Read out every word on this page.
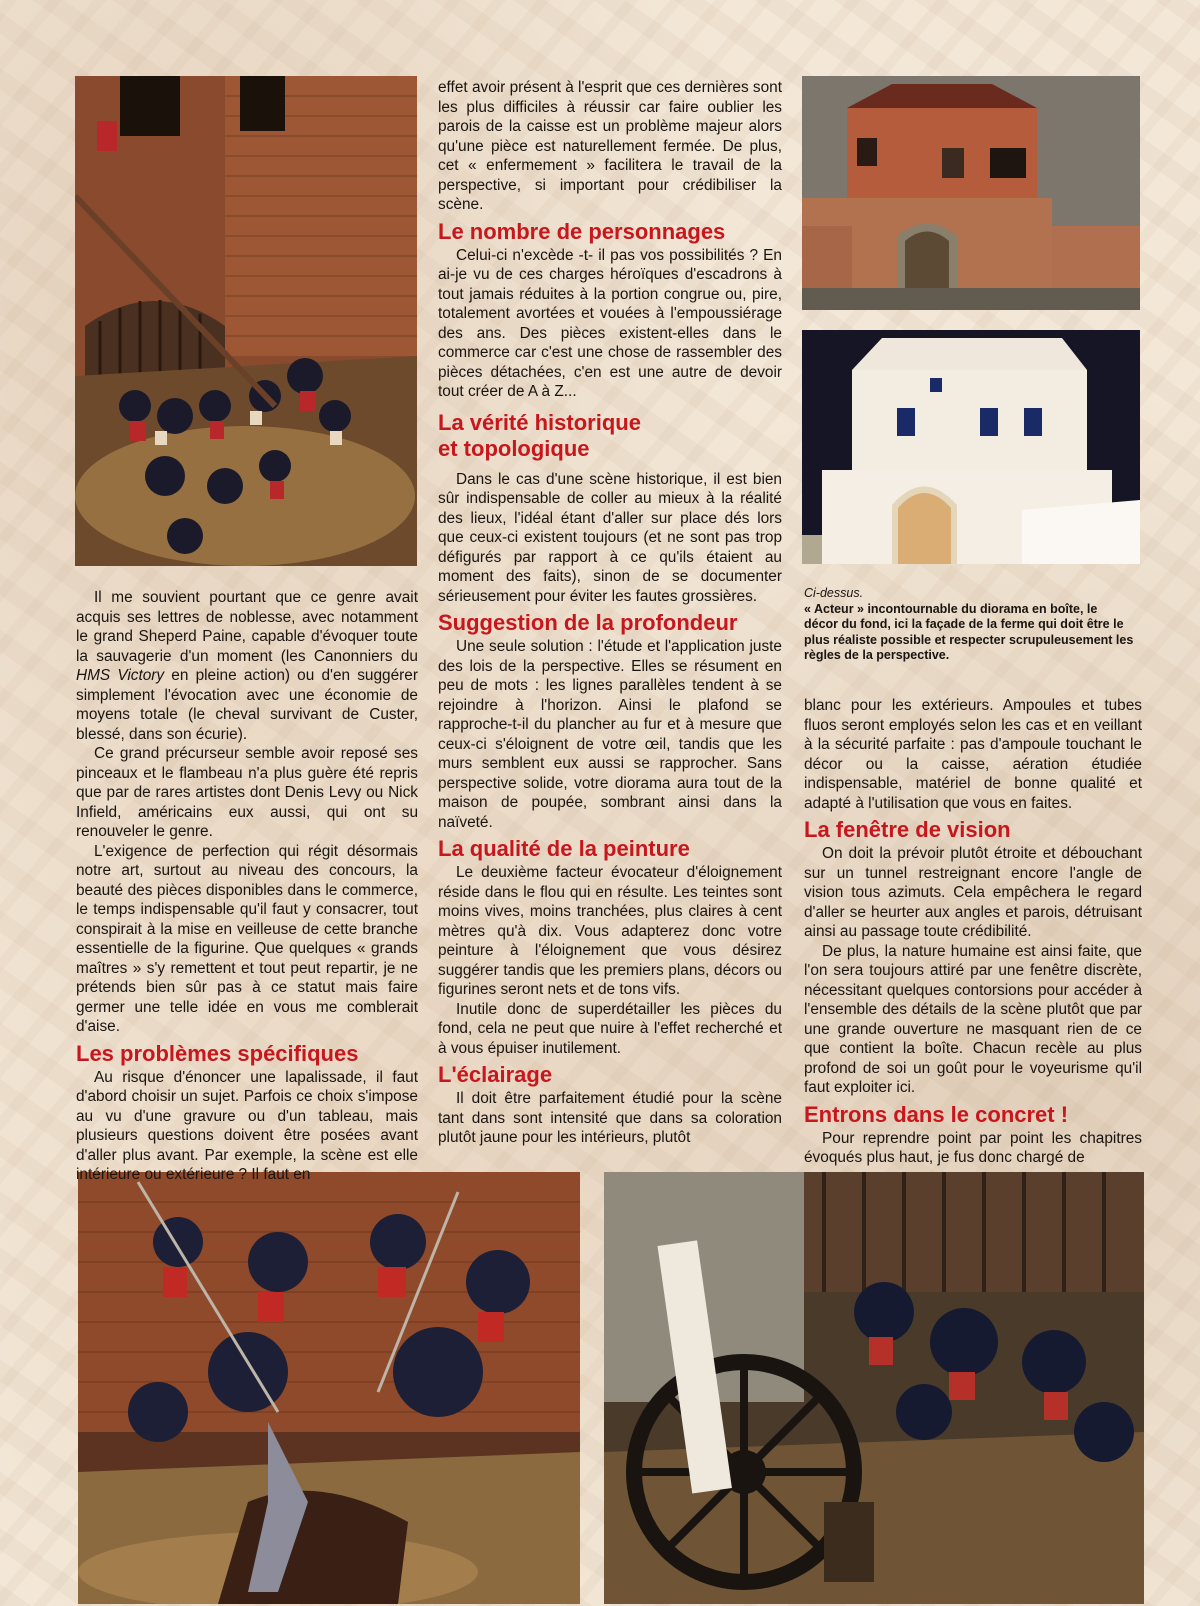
Il me souvient pourtant que ce genre avait acquis ses lettres de noblesse, avec notamment le grand Sheperd Paine, capable d'évoquer toute la sauvagerie d'un moment (les Canonniers du HMS Victory en pleine action) ou d'en suggérer simplement l'évocation avec une économie de moyens totale (le cheval survivant de Custer, blessé, dans son écurie).

Ce grand précurseur semble avoir reposé ses pinceaux et le flambeau n'a plus guère été repris que par de rares artistes dont Denis Levy ou Nick Infield, américains eux aussi, qui ont su renouveler le genre.

L'exigence de perfection qui régit désormais notre art, surtout au niveau des concours, la beauté des pièces disponibles dans le commerce, le temps indispensable qu'il faut y consacrer, tout conspirait à la mise en veilleuse de cette branche essentielle de la figurine. Que quelques « grands maîtres » s'y remettent et tout peut repartir, je ne prétends bien sûr pas à ce statut mais faire germer une telle idée en vous me comblerait d'aise.

Les problèmes spécifiques

Au risque d'énoncer une lapalissade, il faut d'abord choisir un sujet. Parfois ce choix s'impose au vu d'une gravure ou d'un tableau, mais plusieurs questions doivent être posées avant d'aller plus avant. Par exemple, la scène est elle intérieure ou extérieure ? Il faut en

effet avoir présent à l'esprit que ces dernières sont les plus difficiles à réussir car faire oublier les parois de la caisse est un problème majeur alors qu'une pièce est naturellement fermée. De plus, cet « enfermement » facilitera le travail de la perspective, si important pour crédibiliser la scène.

Le nombre de personnages

Celui-ci n'excède -t- il pas vos possibilités ? En ai-je vu de ces charges héroïques d'escadrons à tout jamais réduites à la portion congrue ou, pire, totalement avortées et vouées à l'empoussiérage des ans. Des pièces existent-elles dans le commerce car c'est une chose de rassembler des pièces détachées, c'en est une autre de devoir tout créer de A à Z...

La vérité historique
et topologique

Dans le cas d'une scène historique, il est bien sûr indispensable de coller au mieux à la réalité des lieux, l'idéal étant d'aller sur place dés lors que ceux-ci existent toujours (et ne sont pas trop défigurés par rapport à ce qu'ils étaient au moment des faits), sinon de se documenter sérieusement pour éviter les fautes grossières.

Suggestion de la profondeur

Une seule solution : l'étude et l'application juste des lois de la perspective. Elles se résument en peu de mots : les lignes parallèles tendent à se rejoindre à l'horizon. Ainsi le plafond se rapproche-t-il du plancher au fur et à mesure que ceux-ci s'éloignent de votre œil, tandis que les murs semblent eux aussi se rapprocher. Sans perspective solide, votre diorama aura tout de la maison de poupée, sombrant ainsi dans la naïveté.

La qualité de la peinture

Le deuxième facteur évocateur d'éloignement réside dans le flou qui en résulte. Les teintes sont moins vives, moins tranchées, plus claires à cent mètres qu'à dix. Vous adapterez donc votre peinture à l'éloignement que vous désirez suggérer tandis que les premiers plans, décors ou figurines seront nets et de tons vifs.

Inutile donc de superdétailler les pièces du fond, cela ne peut que nuire à l'effet recherché et à vous épuiser inutilement.

L'éclairage

Il doit être parfaitement étudié pour la scène tant dans sont intensité que dans sa coloration plutôt jaune pour les intérieurs, plutôt

Ci-dessus.
« Acteur » incontournable du diorama en boîte, le décor du fond, ici la façade de la ferme qui doit être le plus réaliste possible et respecter scrupuleusement les règles de la perspective.

blanc pour les extérieurs. Ampoules et tubes fluos seront employés selon les cas et en veillant à la sécurité parfaite : pas d'ampoule touchant le décor ou la caisse, aération étudiée indispensable, matériel de bonne qualité et adapté à l'utilisation que vous en faites.

La fenêtre de vision

On doit la prévoir plutôt étroite et débouchant sur un tunnel restreignant encore l'angle de vision tous azimuts. Cela empêchera le regard d'aller se heurter aux angles et parois, détruisant ainsi au passage toute crédibilité.

De plus, la nature humaine est ainsi faite, que l'on sera toujours attiré par une fenêtre discrète, nécessitant quelques contorsions pour accéder à l'ensemble des détails de la scène plutôt que par une grande ouverture ne masquant rien de ce que contient la boîte. Chacun recèle au plus profond de soi un goût pour le voyeurisme qu'il faut exploiter ici.

Entrons dans le concret !

Pour reprendre point par point les chapitres évoqués plus haut, je fus donc chargé de
